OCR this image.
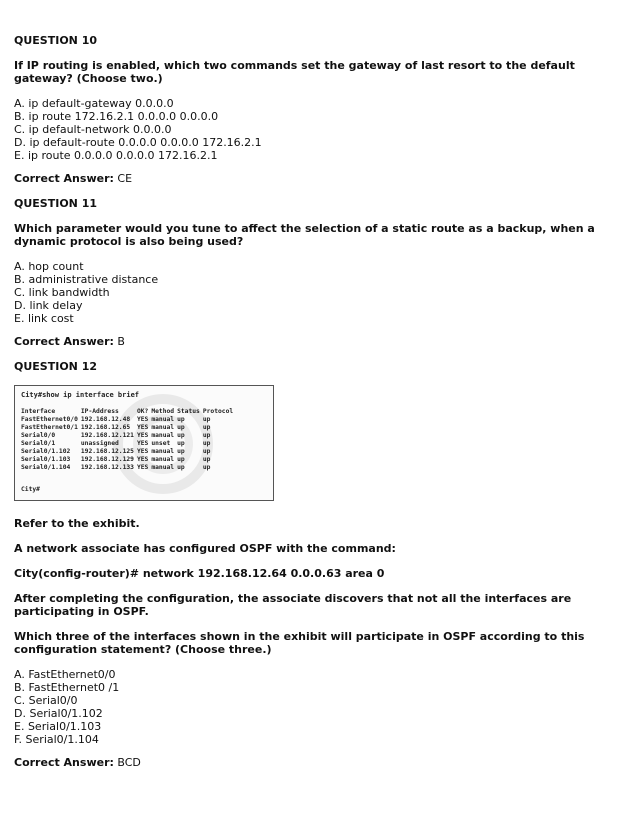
QUESTION 10
If IP routing is enabled, which two commands set the gateway of last resort to the default gateway? (Choose two.)
A. ip default-gateway 0.0.0.0
B. ip route 172.16.2.1 0.0.0.0 0.0.0.0
C. ip default-network 0.0.0.0
D. ip default-route 0.0.0.0 0.0.0.0 172.16.2.1
E. ip route 0.0.0.0 0.0.0.0 172.16.2.1
Correct Answer: CE
QUESTION 11
Which parameter would you tune to affect the selection of a static route as a backup, when a dynamic protocol is also being used?
A. hop count
B. administrative distance
C. link bandwidth
D. link delay
E. link cost
Correct Answer: B
QUESTION 12
City#show ip interface brief
Interface	IP-Address	OK?	Method	Status	Protocol
FastEthernet0/0	192.168.12.48	YES	manual	up	up
FastEthernet0/1	192.168.12.65	YES	manual	up	up
Serial0/0	192.168.12.121	YES	manual	up	up
Serial0/1	unassigned	YES	unset	up	up
Serial0/1.102	192.168.12.125	YES	manual	up	up
Serial0/1.103	192.168.12.129	YES	manual	up	up
Serial0/1.104	192.168.12.133	YES	manual	up	up
City#
Refer to the exhibit.
A network associate has configured OSPF with the command:
City(config-router)# network 192.168.12.64 0.0.0.63 area 0
After completing the configuration, the associate discovers that not all the interfaces are participating in OSPF.
Which three of the interfaces shown in the exhibit will participate in OSPF according to this configuration statement? (Choose three.)
A. FastEthernet0/0
B. FastEthernet0 /1
C. Serial0/0
D. Serial0/1.102
E. Serial0/1.103
F. Serial0/1.104
Correct Answer: BCD
